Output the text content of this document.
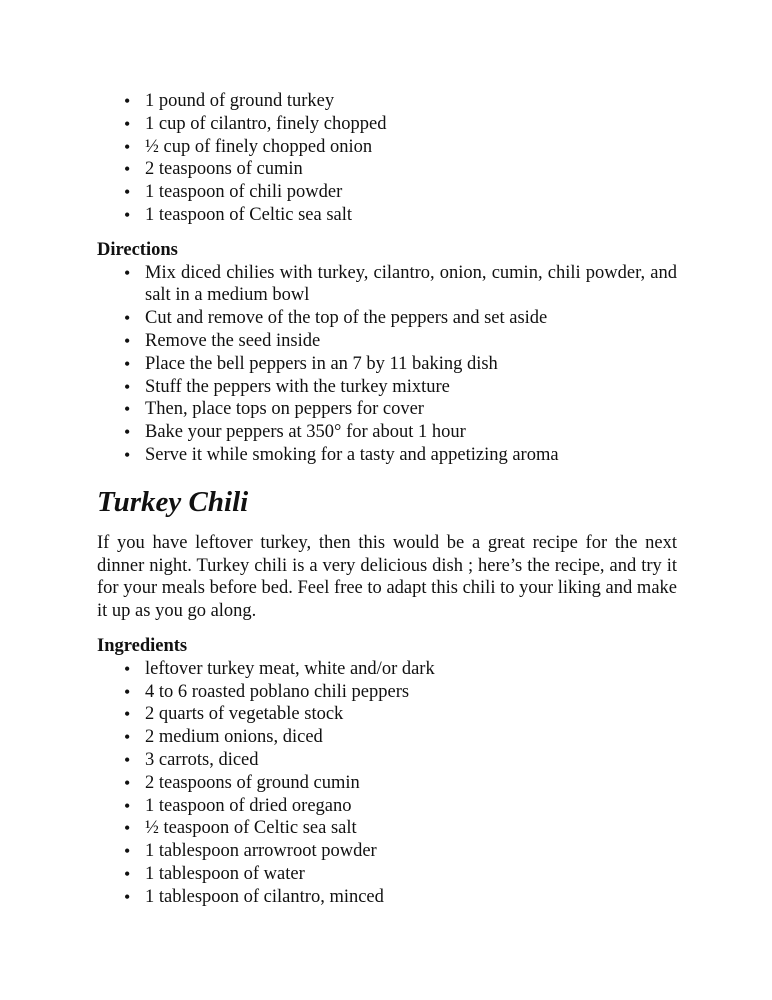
• 1 pound of ground turkey
• 1 cup of cilantro, finely chopped
• ½ cup of finely chopped onion
• 2 teaspoons of cumin
• 1 teaspoon of chili powder
• 1 teaspoon of Celtic sea salt
Directions
• Mix diced chilies with turkey, cilantro, onion, cumin, chili powder, and salt in a medium bowl
• Cut and remove of the top of the peppers and set aside
• Remove the seed inside
• Place the bell peppers in an 7 by 11 baking dish
• Stuff the peppers with the turkey mixture
• Then, place tops on peppers for cover
• Bake your peppers at 350° for about 1 hour
• Serve it while smoking for a tasty and appetizing aroma
Turkey Chili

If you have leftover turkey, then this would be a great recipe for the next dinner night. Turkey chili is a very delicious dish ; here’s the recipe, and try it for your meals before bed. Feel free to adapt this chili to your liking and make it up as you go along.

Ingredients
• leftover turkey meat, white and/or dark
• 4 to 6 roasted poblano chili peppers
• 2 quarts of vegetable stock
• 2 medium onions, diced
• 3 carrots, diced
• 2 teaspoons of ground cumin
• 1 teaspoon of dried oregano
• ½ teaspoon of Celtic sea salt
• 1 tablespoon arrowroot powder
• 1 tablespoon of water
• 1 tablespoon of cilantro, minced
